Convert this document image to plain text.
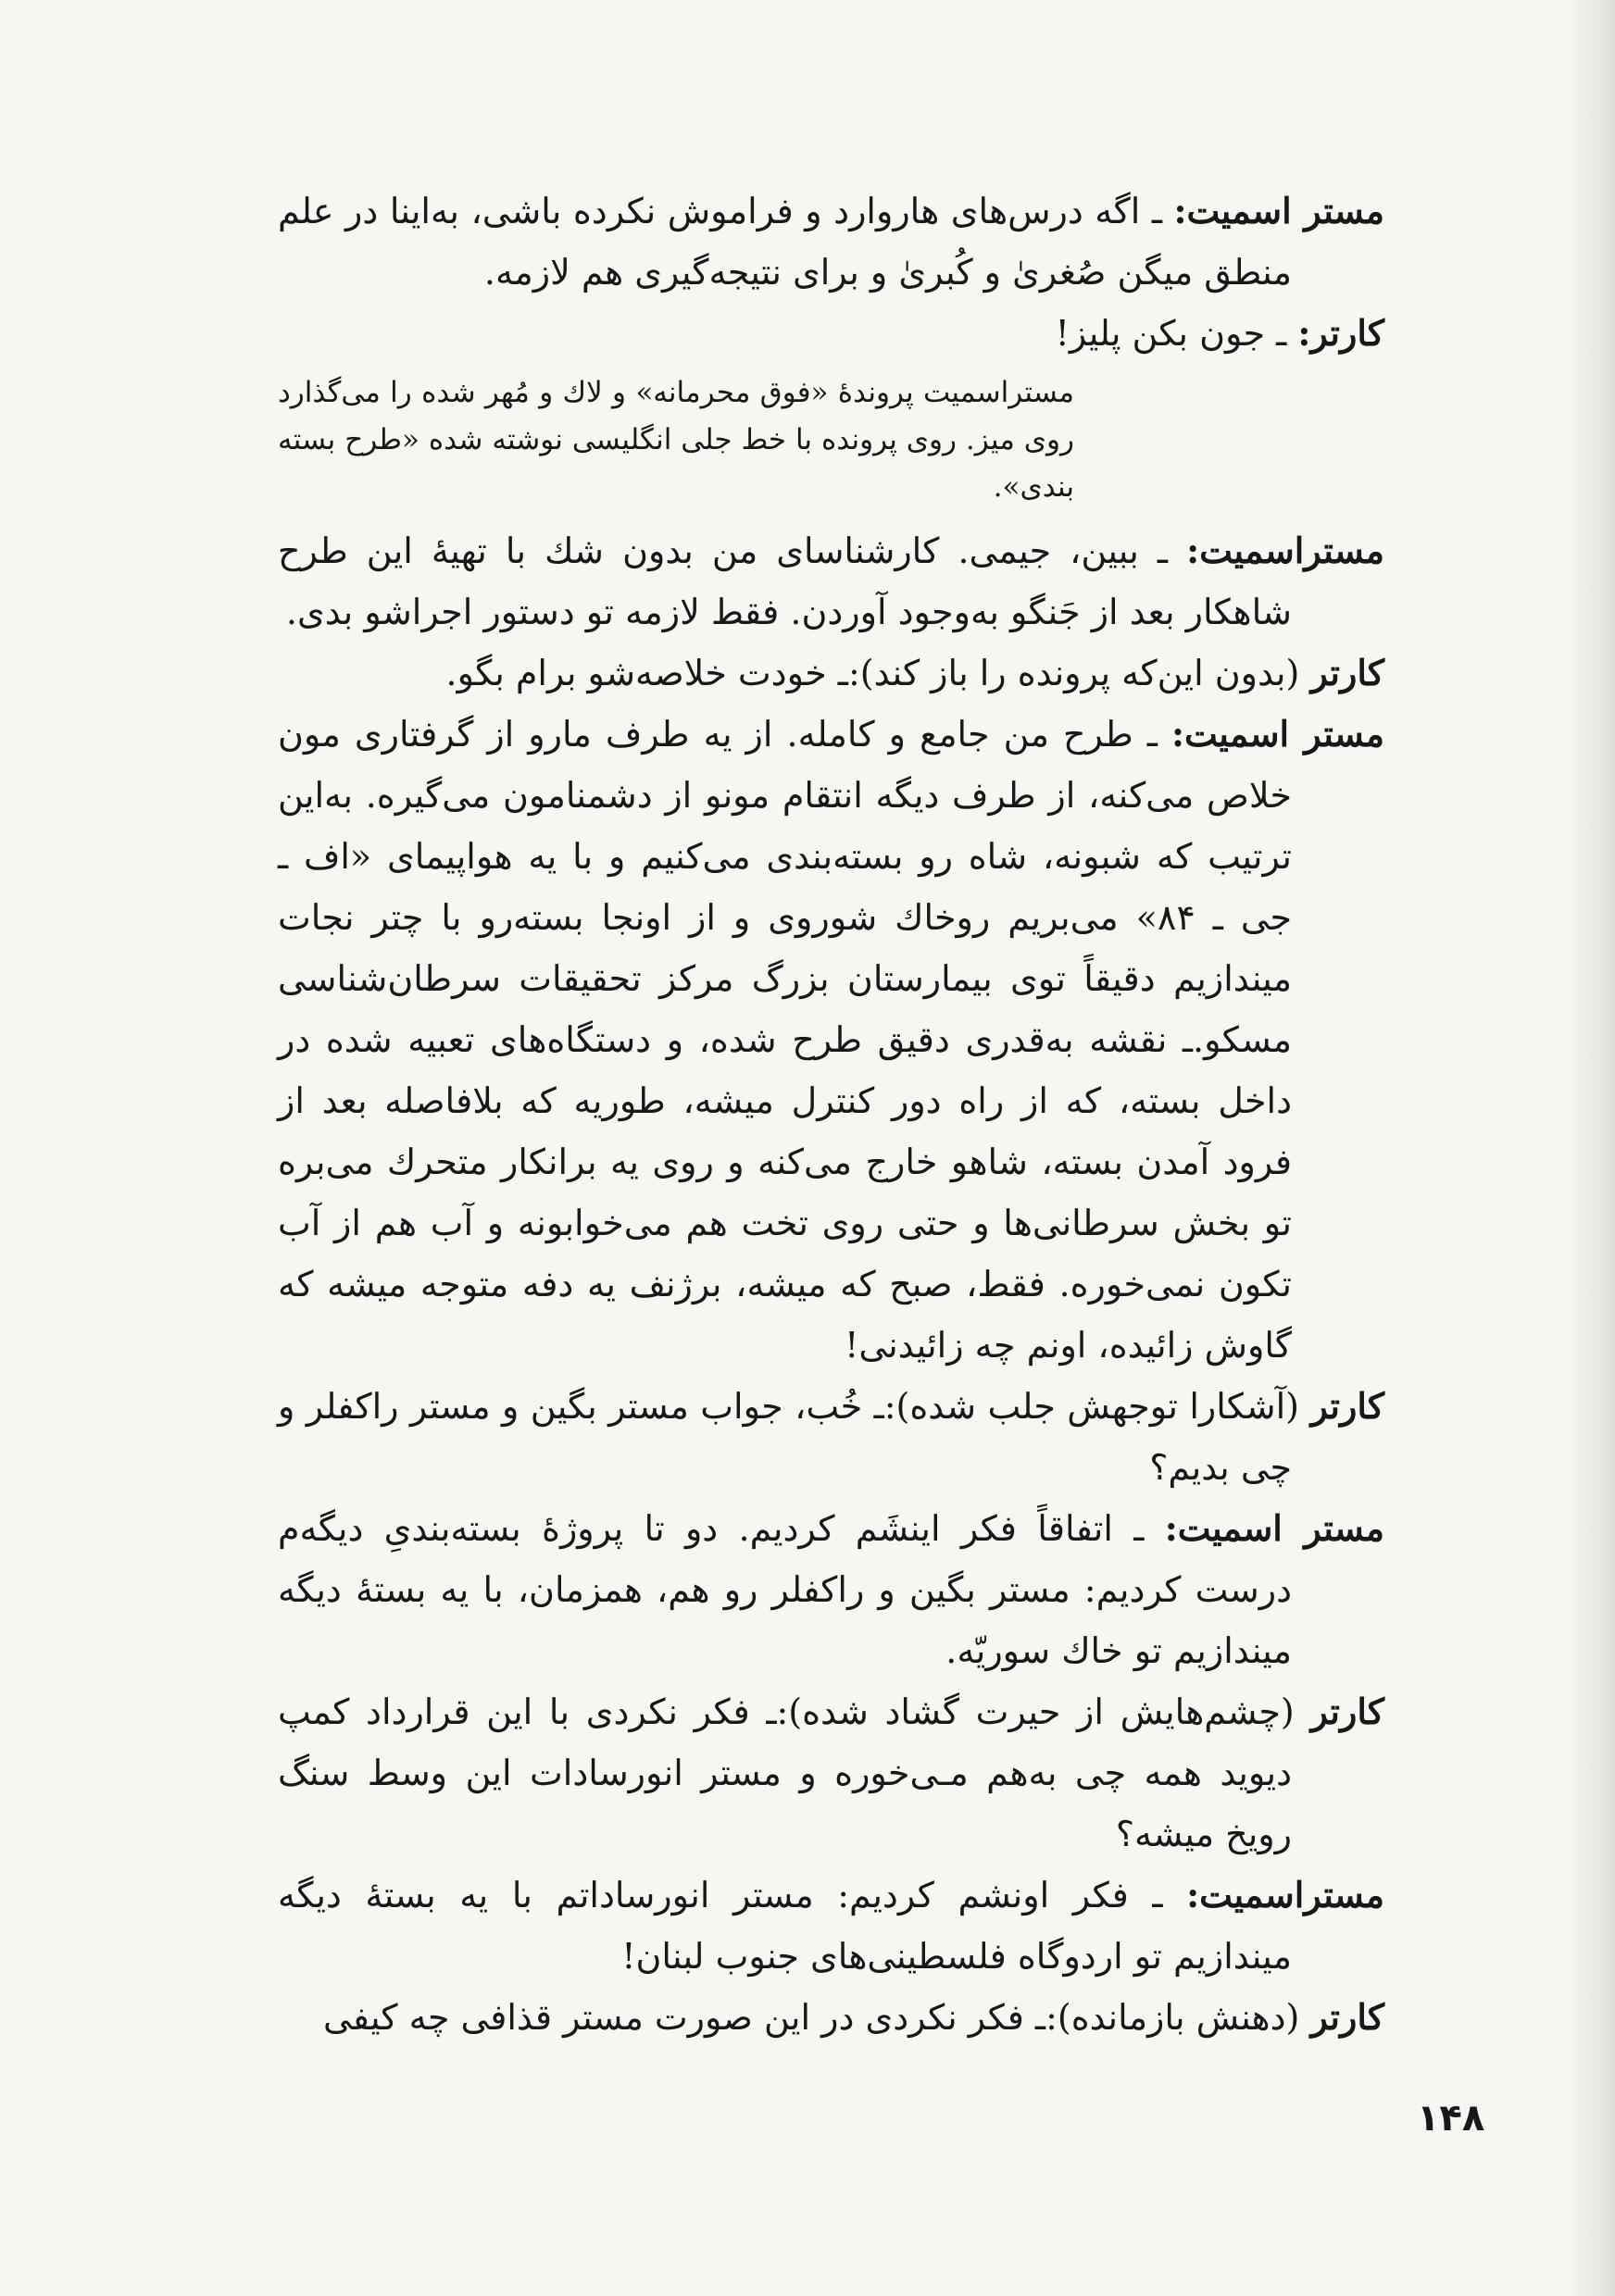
مستر اسمیت: ـ اگه درس‌های هاروارد و فراموش نکرده باشی، به‌اینا در علم منطق میگن صُغریٰ و کُبریٰ و برای نتیجه‌گیری هم لازمه.

کارتر: ـ جون بکن پلیز!

مستراسمیت پروندهٔ «فوق محرمانه» و لاك و مُهر شده را می‌گذارد روی میز. روی پرونده با خط جلی انگلیسی نوشته شده «طرح بسته بندی».

مستراسمیت: ـ ببین، جیمی. کارشناسای من بدون شك با تهیهٔ این طرح شاهکار بعد از جَنگو به‌وجود آوردن. فقط لازمه تو دستور اجراشو بدی.

کارتر (بدون این‌که پرونده را باز کند):ـ خودت خلاصه‌شو برام بگو.

مستر اسمیت: ـ طرح من جامع و کامله. از یه طرف مارو از گرفتاری مون خلاص می‌کنه، از طرف دیگه انتقام مونو از دشمنامون می‌گیره. به‌این ترتیب که شبونه، شاه رو بسته‌بندی می‌کنیم و با یه هواپیمای «اف ـ جی ـ ۸۴» می‌بریم روخاك شوروی و از اونجا بسته‌رو با چتر نجات میندازیم دقیقاً توی بیمارستان بزرگ مرکز تحقیقات سرطان‌شناسی مسکو.ـ نقشه به‌قدری دقیق طرح شده، و دستگاه‌های تعبیه شده در داخل بسته، که از راه دور کنترل میشه، طوریه که بلافاصله بعد از فرود آمدن بسته، شاهو خارج می‌کنه و روی یه برانکار متحرك می‌بره تو بخش سرطانی‌ها و حتی روی تخت هم می‌خوابونه و آب هم از آب تکون نمی‌خوره. فقط، صبح که میشه، برژنف یه دفه متوجه میشه که گاوش زائیده، اونم چه زائیدنی!

کارتر (آشکارا توجهش جلب شده):ـ خُب، جواب مستر بگین و مستر راکفلر و چی بدیم؟

مستر اسمیت: ـ اتفاقاً فکر اینشَم کردیم. دو تا پروژهٔ بسته‌بندیِ دیگه‌م درست کردیم: مستر بگین و راکفلر رو هم، همزمان، با یه بستهٔ دیگه میندازیم تو خاك سوریّه.

کارتر (چشم‌هایش از حیرت گشاد شده):ـ فکر نکردی با این قرارداد کمپ دیوید همه چی به‌هم مـی‌خوره و مستر انورسادات این وسط سنگ رویخ میشه؟

مستراسمیت: ـ فکر اونشم کردیم: مستر انورساداتم با یه بستهٔ دیگه میندازیم تو اردوگاه فلسطینی‌های جنوب لبنان!

کارتر (دهنش بازمانده):ـ فکر نکردی در این صورت مستر قذافی چه کیفی

۱۴۸
